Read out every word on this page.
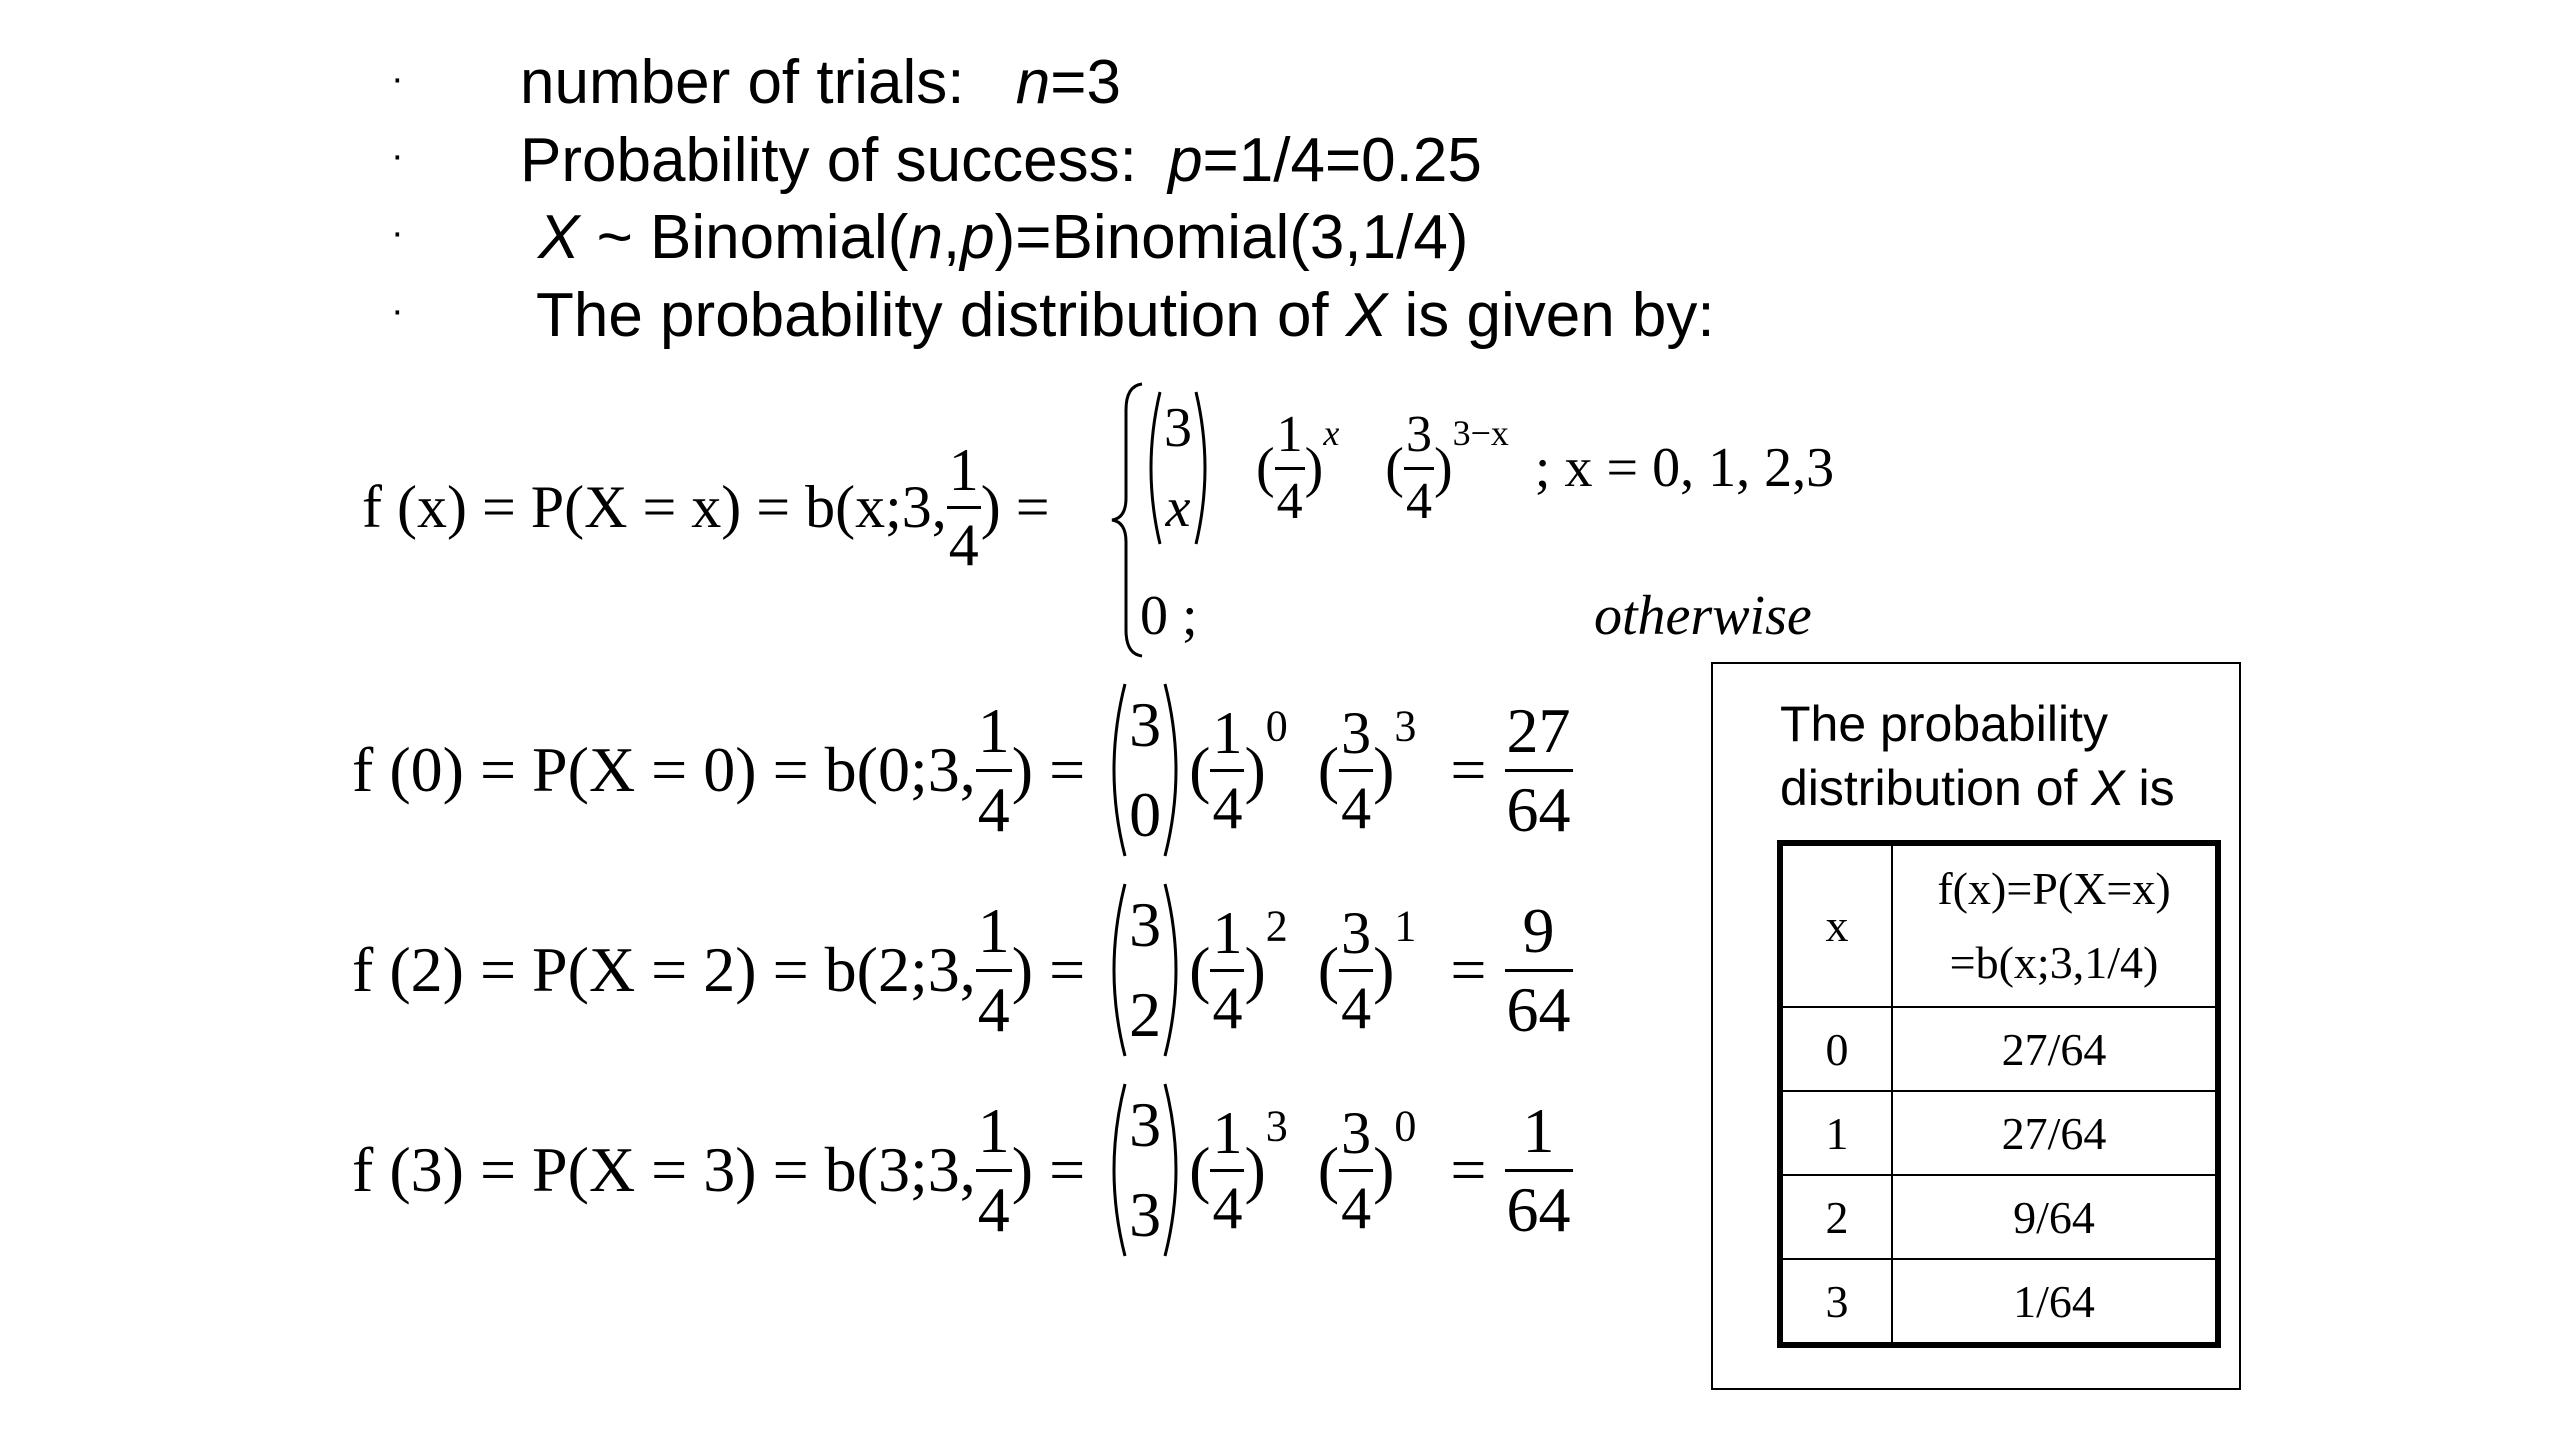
· number of trials: n=3
· Probability of success: p=1/4=0.25
· X ~ Binomial(n,p)=Binomial(3,1/4)
· The probability distribution of X is given by:
f (x) = P(X = x) = b(x;3, $\frac{1}{4}$ ) =
3
x
( $\frac{1}{4} )^x$  ( $\frac{3}{4} )^{3-x}$ ; x = 0, 1, 2,3
0 ;	otherwise
f (0) = P(X = 0) = b(0;3, $\frac{1}{4}$ ) =
3
0
( $\frac{1}{4} )^0$ ( $\frac{3}{4} )^3 = \frac{27}{64}$
f (2) = P(X = 2) = b(2;3, $\frac{1}{4}$ ) =
3
2
( $\frac{1}{4} )^2$ ( $\frac{3}{4} )^1 = \frac{9}{64}$
f (3) = P(X = 3) = b(3;3, $\frac{1}{4}$ ) =
3
3
( $\frac{1}{4} )^3$ ( $\frac{3}{4} )^0 = \frac{1}{64}$
The probability
distribution of X is
x	f(x)=P(X=x)
=b(x;3,1/4)

0	27/64
1	27/64
2	9/64
3	1/64
